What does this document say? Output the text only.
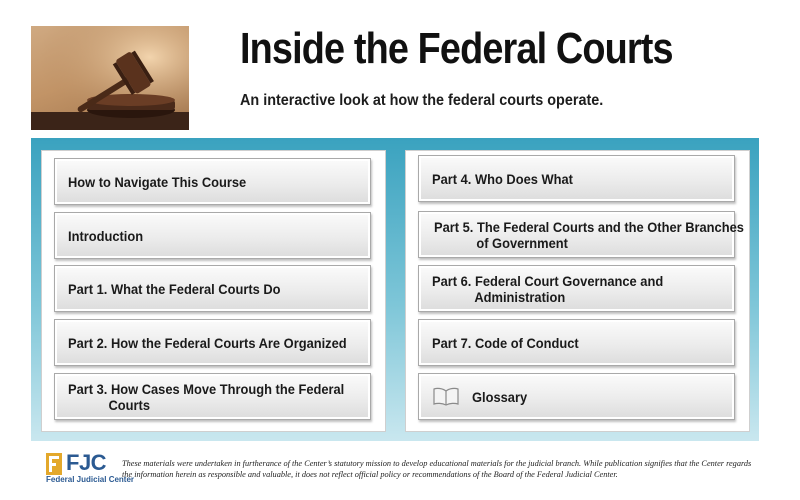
Inside the Federal Courts
An interactive look at how the federal courts operate.
How to Navigate This Course
Introduction
Part 1. What the Federal Courts Do
Part 2. How the Federal Courts Are Organized
Part 3. How Cases Move Through the Federal
Courts
Part 4. Who Does What
Part 5. The Federal Courts and the Other Branches
of Government
Part 6. Federal Court Governance and
Administration
Part 7. Code of Conduct
Glossary
FJC
Federal Judicial Center
These materials were undertaken in furtherance of the Center’s statutory mission to develop educational materials for the judicial branch. While publication signifies that the Center regards the information herein as responsible and valuable, it does not reflect official policy or recommendations of the Board of the Federal Judicial Center.
